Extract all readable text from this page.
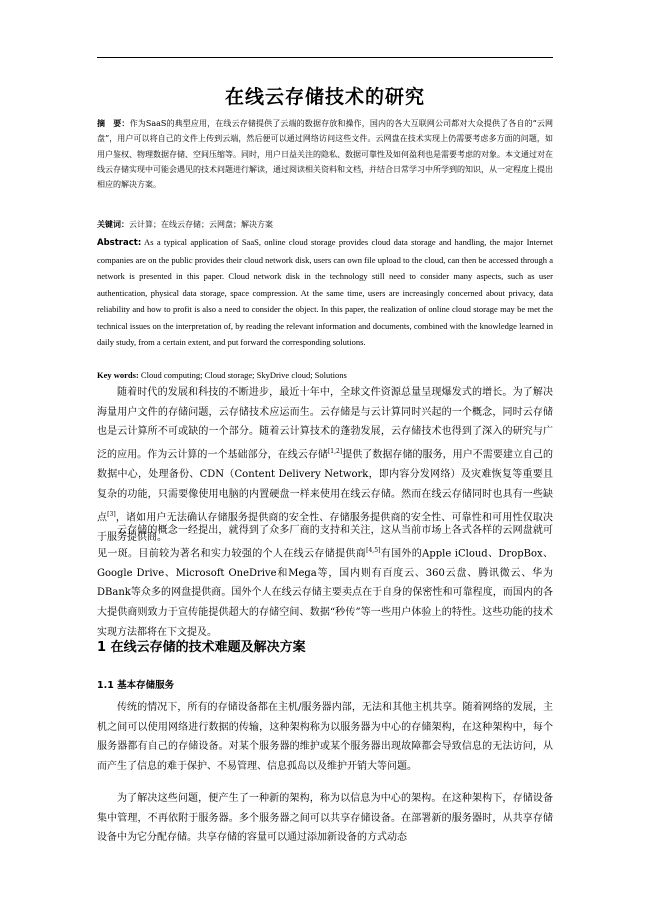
在线云存储技术的研究
摘　要：作为SaaS的典型应用，在线云存储提供了云端的数据存放和操作，国内的各大互联网公司都对大众提供了各自的“云网盘”，用户可以将自己的文件上传到云端，然后便可以通过网络访问这些文件。云网盘在技术实现上仍需要考虑多方面的问题，如用户鉴权、物理数据存储、空间压缩等。同时，用户日益关注的隐私、数据可靠性及如何盈利也是需要考虑的对象。本文通过对在线云存储实现中可能会遇见的技术问题进行解读，通过阅读相关资料和文档，并结合日常学习中所学到的知识，从一定程度上提出相应的解决方案。
关键词：云计算；在线云存储；云网盘；解决方案
Abstract: As a typical application of SaaS, online cloud storage provides cloud data storage and handling, the major Internet companies are on the public provides their cloud network disk, users can own file upload to the cloud, can then be accessed through a network is presented in this paper. Cloud network disk in the technology still need to consider many aspects, such as user authentication, physical data storage, space compression. At the same time, users are increasingly concerned about privacy, data reliability and how to profit is also a need to consider the object. In this paper, the realization of online cloud storage may be met the technical issues on the interpretation of, by reading the relevant information and documents, combined with the knowledge learned in daily study, from a certain extent, and put forward the corresponding solutions.
Key words: Cloud computing; Cloud storage; SkyDrive cloud; Solutions
随着时代的发展和科技的不断进步，最近十年中，全球文件资源总量呈现爆发式的增长。为了解决海量用户文件的存储问题，云存储技术应运而生。云存储是与云计算同时兴起的一个概念，同时云存储也是云计算所不可或缺的一个部分。随着云计算技术的蓬勃发展，云存储技术也得到了深入的研究与广泛的应用。作为云计算的一个基础部分，在线云存储[1,2]提供了数据存储的服务，用户不需要建立自己的数据中心，处理备份、CDN（Content Delivery Network，即内容分发网络）及灾难恢复等重要且复杂的功能，只需要像使用电脑的内置硬盘一样来使用在线云存储。然而在线云存储同时也具有一些缺点[3]，诸如用户无法确认存储服务提供商的安全性、存储服务提供商的安全性、可靠性和可用性仅取决于服务提供商。
云存储的概念一经提出，就得到了众多厂商的支持和关注，这从当前市场上各式各样的云网盘就可见一斑。目前较为著名和实力较强的个人在线云存储提供商[4,5]有国外的Apple iCloud、DropBox、Google Drive、Microsoft OneDrive和Mega等，国内则有百度云、360云盘、腾讯微云、华为DBank等众多的网盘提供商。国外个人在线云存储主要卖点在于自身的保密性和可靠程度，而国内的各大提供商则致力于宣传能提供超大的存储空间、数据“秒传”等一些用户体验上的特性。这些功能的技术实现方法都将在下文提及。
1 在线云存储的技术难题及解决方案
1.1 基本存储服务
传统的情况下，所有的存储设备都在主机/服务器内部，无法和其他主机共享。随着网络的发展，主机之间可以使用网络进行数据的传输，这种架构称为以服务器为中心的存储架构，在这种架构中，每个服务器都有自己的存储设备。对某个服务器的维护或某个服务器出现故障都会导致信息的无法访问，从而产生了信息的难于保护、不易管理、信息孤岛以及维护开销大等问题。
为了解决这些问题，便产生了一种新的架构，称为以信息为中心的架构。在这种架构下，存储设备集中管理，不再依附于服务器。多个服务器之间可以共享存储设备。在部署新的服务器时，从共享存储设备中为它分配存储。共享存储的容量可以通过添加新设备的方式动态
